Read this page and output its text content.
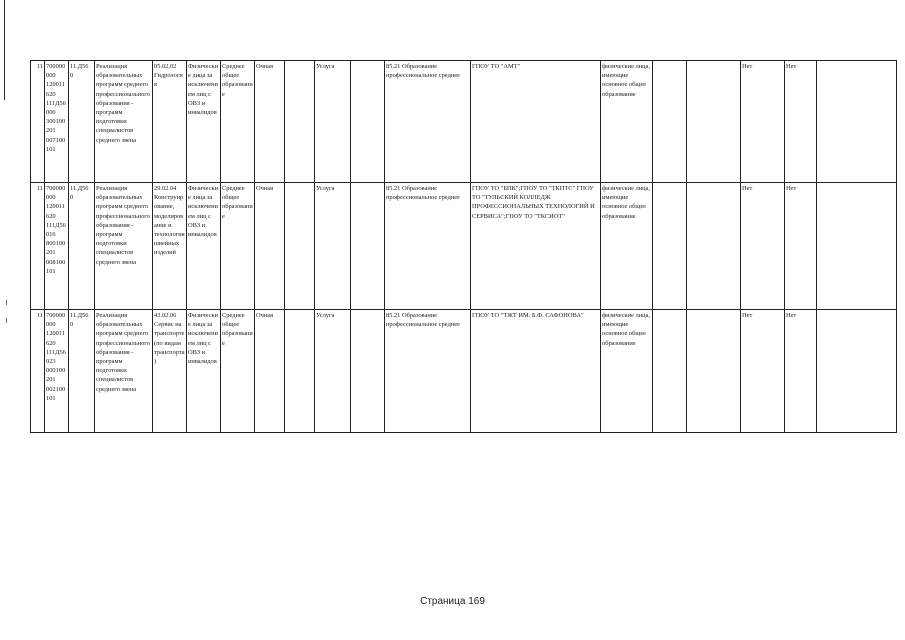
11	700000000 120011620 111Д56000 300100201 007100101	11.Д56 0	Реализация образовательных программ среднего профессионального образования - программ подготовки специалистов среднего звена	05.02.02 Гидрология	Физические лица за исключением лиц с ОВЗ и инвалидов	Среднее общее образование	Очная		Услуга		85.21 Образование профессиональное среднее	ГПОУ ТО "АМТ"	физические лица, имеющие основное общее образование			Нет	Нет	
11	700000000 120011620 111Д56016 800100201 008100101	11.Д56 0	Реализация образовательных программ среднего профессионального образования - программ подготовки специалистов среднего звена	29.02.04 Конструирование, моделирование и технология швейных изделий	Физические лица за исключением лиц с ОВЗ и инвалидов	Среднее общее образование	Очная		Услуга		85.21 Образование профессиональное среднее	ГПОУ ТО "БПК";ГПОУ ТО "ТКПТС" ГПОУ ТО "ТУЛЬСКИЙ КОЛЛЕДЖ ПРОФЕССИОНАЛЬНЫХ ТЕХНОЛОГИЙ И СЕРВИСА";ГПОУ ТО "ТКСИОТ"	физические лица, имеющие основное общее образование			Нет	Нет	
11	700000000 120011620 111Д56023 000100201 002100101	11.Д56 0	Реализация образовательных программ среднего профессионального образования - программ подготовки специалистов среднего звена	43.02.06 Сервис на транспорте (по видам транспорта)	Физические лица за исключением лиц с ОВЗ и инвалидов	Среднее общее образование	Очная		Услуга		85.21 Образование профессиональное среднее	ГПОУ ТО "ТЖТ ИМ. Б.Ф. САФОНОВА"	физические лица, имеющие основное общее образование			Нет	Нет	
Страница 169
